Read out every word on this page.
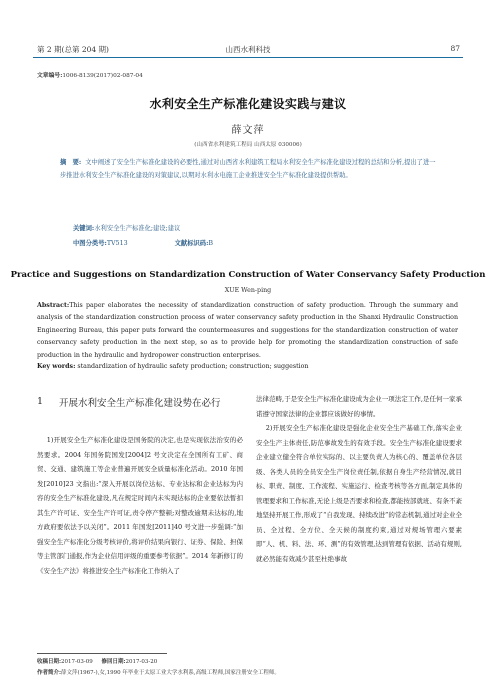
第 2 期(总第 204 期)	山西水利科技	87
文章编号:1006-8139(2017)02-087-04
水利安全生产标准化建设实践与建议
薛文萍
(山西省水利建筑工程局 山西太原 030006)
摘　要: 文中阐述了安全生产标准化建设的必要性,通过对山西省水利建筑工程局水利安全生产标准化建设过程的总结和分析,提出了进一步推进水利安全生产标准化建设的对策建议,以期对水利水电施工企业推进安全生产标准化建设提供帮助。
关键词:水利安全生产标准化;建设;建议
中图分类号:TV513	文献标识码:B
Practice and Suggestions on Standardization Construction of Water Conservancy Safety Production
XUE Wen-ping
Abstract:This paper elaborates the necessity of standardization construction of safety production. Through the summary and analysis of the standardization construction process of water conservancy safety production in the Shanxi Hydraulic Construction Engineering Bureau, this paper puts forward the countermeasures and suggestions for the standardization construction of water conservancy safety production in the next step, so as to provide help for promoting the standardization construction of safe production in the hydraulic and hydropower construction enterprises.
Key words: standardization of hydraulic safety production; construction; suggestion
1 开展水利安全生产标准化建设势在必行

1)开展安全生产标准化建设是国务院的决定,也是实现依法治安的必然要求。2004 年国务院国发[2004]2 号文决定在全国所有工矿、商贸、交通、建筑施工等企业普遍开展安全质量标准化活动。2010 年国发[2010]23 文指出:“深入开展以岗位达标、专业达标和企业达标为内容的安全生产标准化建设,凡在规定时间内未实现达标的企业要依法暂扣其生产许可证、安全生产许可证,责令停产整顿;对整改逾期未达标的,地方政府要依法予以关闭”。2011 年国发[2011]40 号文进一步强调:“加强安全生产标准化分级考核评价,将评价结果向银行、证券、保险、担保等主管部门通报,作为企业信用评级的重要参考依据”。2014 年新修订的《安全生产法》将推进安全生产标准化工作纳入了

法律范畴,于是安全生产标准化建设成为企业一项法定工作,是任何一家承诺遵守国家法律的企业都应该做好的事情。

2)开展安全生产标准化建设是强化企业安全生产基础工作,落实企业安全生产主体责任,防范事故发生的有效手段。安全生产标准化建设要求企业建立健全符合单位实际的、以主要负责人为核心的、覆盖单位各层级、各类人员的全员安全生产岗位责任制,依据自身生产经营情况,就目标、职责、制度、工作流程、实施运行、检查考核等各方面,制定具体的管理要求和工作标准,无论上级是否要求和检查,都能按部就班、有条不紊地坚持开展工作,形成了“自我发现、持续改进”的常态机制,通过对企业全员、全过程、全方位、全天候的制度约束,通过对规场管理六要素即“人、机、料、法、环、测”的有效管理,达到管理有依据、活动有规则,就必然能有效减少甚至杜绝事故

收稿日期:2017-03-09 修回日期:2017-03-20
作者简介:薛文萍(1967-),女,1990 年毕业于太原工业大学水利系,高级工程师,国家注册安全工程师。
